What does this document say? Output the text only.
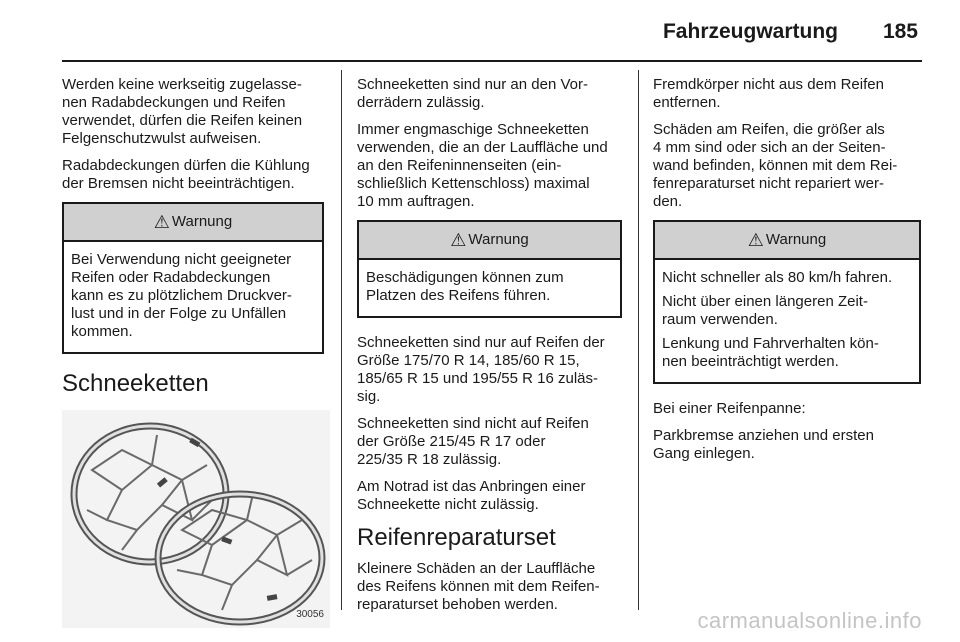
Fahrzeugwartung 185

Werden keine werkseitig zugelasse-
nen Radabdeckungen und Reifen
verwendet, dürfen die Reifen keinen
Felgenschutzwulst aufweisen.

Radabdeckungen dürfen die Kühlung
der Bremsen nicht beeinträchtigen.

⚠ Warnung

Bei Verwendung nicht geeigneter
Reifen oder Radabdeckungen
kann es zu plötzlichem Druckver-
lust und in der Folge zu Unfällen
kommen.

Schneeketten
30056

Schneeketten sind nur an den Vor-
derrädern zulässig.

Immer engmaschige Schneeketten
verwenden, die an der Lauffläche und
an den Reifeninnenseiten (ein-
schließlich Kettenschloss) maximal
10 mm auftragen.

⚠ Warnung

Beschädigungen können zum
Platzen des Reifens führen.

Schneeketten sind nur auf Reifen der
Größe 175/70 R 14, 185/60 R 15,
185/65 R 15 und 195/55 R 16 zuläs-
sig.

Schneeketten sind nicht auf Reifen
der Größe 215/45 R 17 oder
225/35 R 18 zulässig.

Am Notrad ist das Anbringen einer
Schneekette nicht zulässig.

Reifenreparaturset

Kleinere Schäden an der Lauffläche
des Reifens können mit dem Reifen-
reparaturset behoben werden.

Fremdkörper nicht aus dem Reifen
entfernen.

Schäden am Reifen, die größer als
4 mm sind oder sich an der Seiten-
wand befinden, können mit dem Rei-
fenreparaturset nicht repariert wer-
den.

⚠ Warnung

Nicht schneller als 80 km/h fahren.

Nicht über einen längeren Zeit-
raum verwenden.

Lenkung und Fahrverhalten kön-
nen beeinträchtigt werden.

Bei einer Reifenpanne:

Parkbremse anziehen und ersten
Gang einlegen.

carmanualsonline.info
